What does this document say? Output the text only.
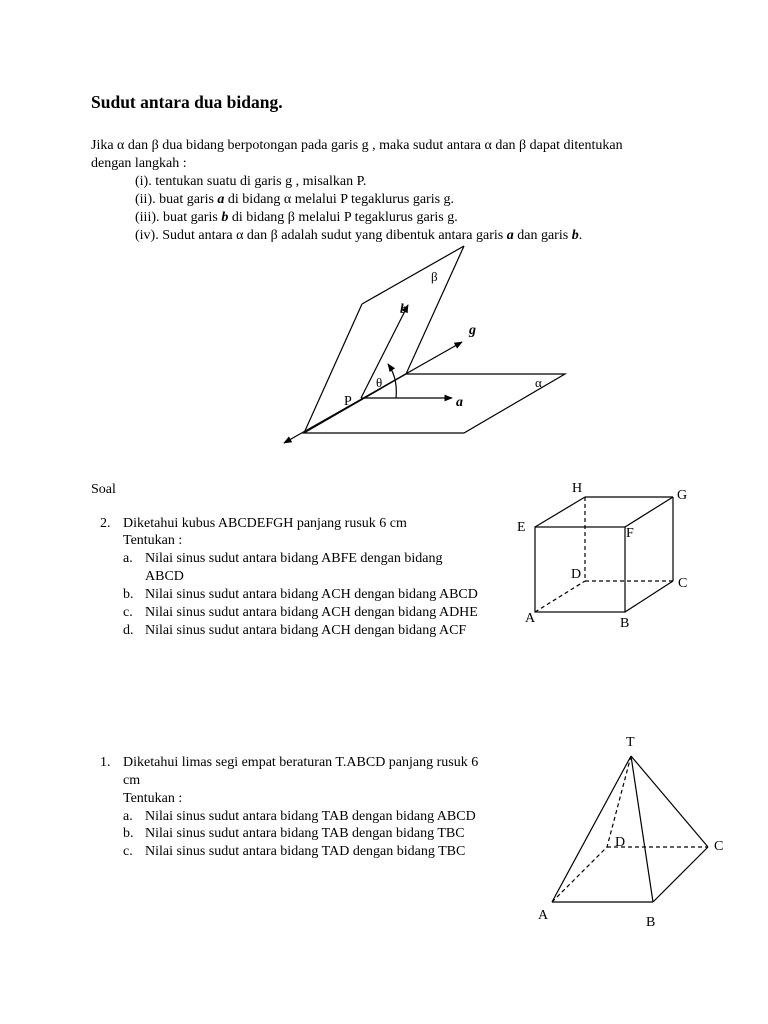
Sudut antara dua bidang.
Jika α dan β dua bidang berpotongan pada garis g , maka sudut antara α dan β dapat ditentukan
dengan langkah :
(i). tentukan suatu di garis g , misalkan P.
(ii). buat garis a di bidang α melalui P tegaklurus garis g.
(iii). buat garis b di bidang β melalui P tegaklurus garis g.
(iv). Sudut antara α dan β adalah sudut yang dibentuk antara garis a dan garis b.
β
b
g
θ	α
P	a
H	G
E	F
D
C
A	B
T
D	C
A	B
Soal
2. Diketahui kubus ABCDEFGH panjang rusuk 6 cm
Tentukan :
a. Nilai sinus sudut antara bidang ABFE dengan bidang
ABCD
b. Nilai sinus sudut antara bidang ACH dengan bidang ABCD
c. Nilai sinus sudut antara bidang ACH dengan bidang ADHE
d. Nilai sinus sudut antara bidang ACH dengan bidang ACF
1. Diketahui limas segi empat beraturan T.ABCD panjang rusuk 6
cm
Tentukan :
a. Nilai sinus sudut antara bidang TAB dengan bidang ABCD
b. Nilai sinus sudut antara bidang TAB dengan bidang TBC
c. Nilai sinus sudut antara bidang TAD dengan bidang TBC
